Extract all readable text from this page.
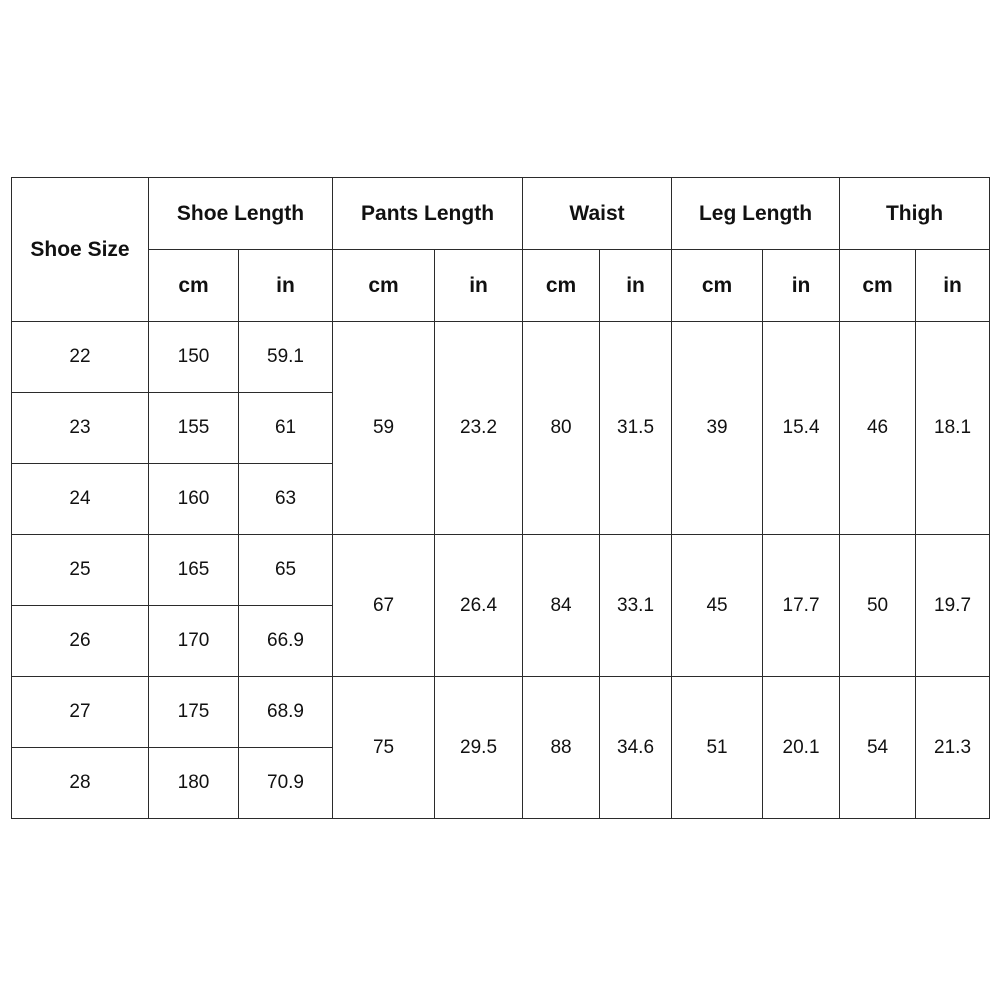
Shoe Size	Shoe Length		Pants Length		Waist		Leg Length		Thigh	
	cm	in	cm	in	cm	in	cm	in	cm	in
22	150	59.1	59	23.2	80	31.5	39	15.4	46	18.1
23	155	61								
24	160	63								
25	165	65	67	26.4	84	33.1	45	17.7	50	19.7
26	170	66.9								
27	175	68.9	75	29.5	88	34.6	51	20.1	54	21.3
28	180	70.9								
